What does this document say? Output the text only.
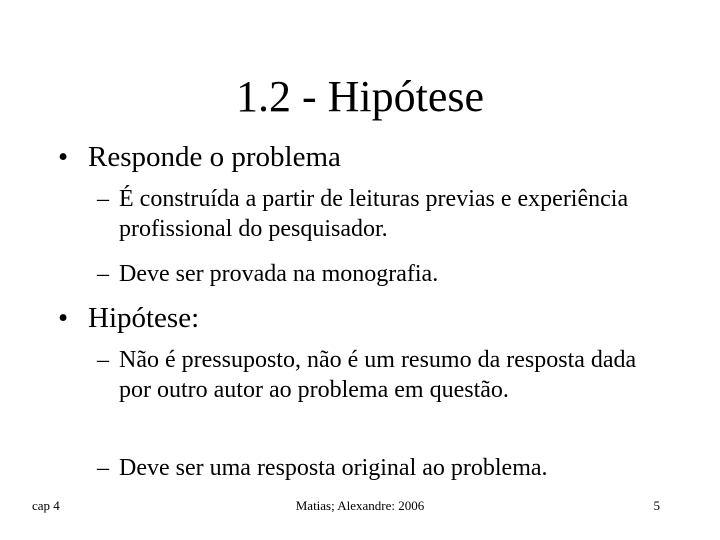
1.2 - Hipótese
• Responde o problema
– É construída a partir de leituras previas e experiência profissional do pesquisador.
– Deve ser provada na monografia.
• Hipótese:
– Não é pressuposto, não é um resumo da resposta dada por outro autor ao problema em questão.
– Deve ser uma resposta original ao problema.
cap 4	Matias; Alexandre: 2006	5
